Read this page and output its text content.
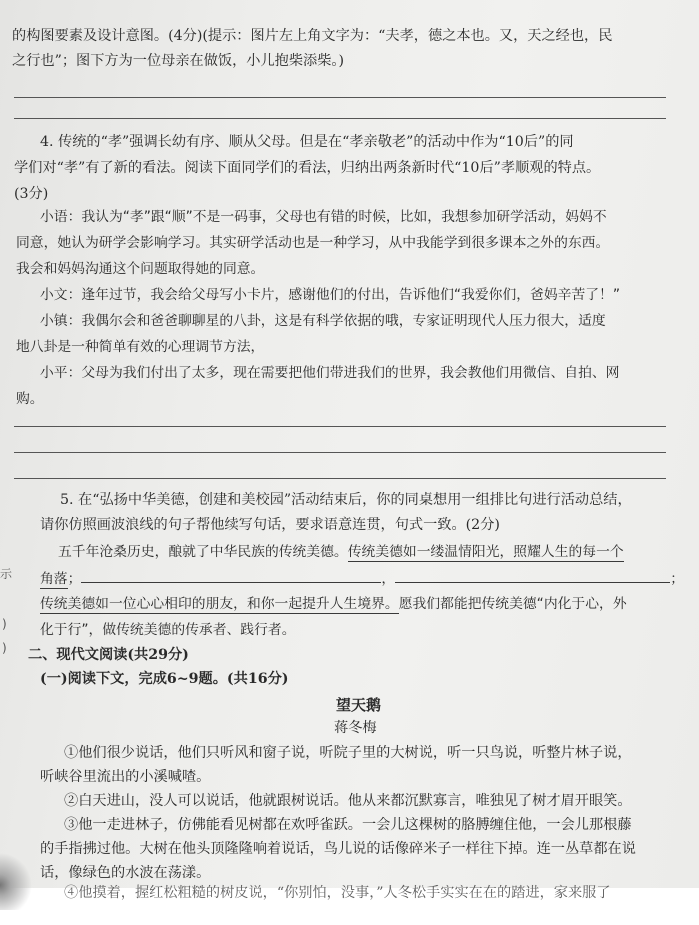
的构图要素及设计意图。(4分)(提示：图片左上角文字为：“夫孝，德之本也。又，天之经也，民
之行也”；图下方为一位母亲在做饭，小儿抱柴添柴。)
4. 传统的“孝”强调长幼有序、顺从父母。但是在“孝亲敬老”的活动中作为“10后”的同
学们对“孝”有了新的看法。阅读下面同学们的看法，归纳出两条新时代“10后”孝顺观的特点。
(3分)
小语：我认为“孝”跟“顺”不是一码事，父母也有错的时候，比如，我想参加研学活动，妈妈不
同意，她认为研学会影响学习。其实研学活动也是一种学习，从中我能学到很多课本之外的东西。
我会和妈妈沟通这个问题取得她的同意。
小文：逢年过节，我会给父母写小卡片，感谢他们的付出，告诉他们“我爱你们，爸妈辛苦了！”
小镇：我偶尔会和爸爸聊聊星的八卦，这是有科学依据的哦，专家证明现代人压力很大，适度
地八卦是一种简单有效的心理调节方法，
小平：父母为我们付出了太多，现在需要把他们带进我们的世界，我会教他们用微信、自拍、网
购。
5. 在“弘扬中华美德，创建和美校园”活动结束后，你的同桌想用一组排比句进行活动总结，
请你仿照画波浪线的句子帮他续写句话，要求语意连贯，句式一致。(2分)
五千年沧桑历史，酿就了中华民族的传统美德。传统美德如一缕温情阳光，照耀人生的每一个
角落；	，	；
传统美德如一位心心相印的朋友，和你一起提升人生境界。愿我们都能把传统美德“内化于心，外
化于行”，做传统美德的传承者、践行者。
二、现代文阅读(共29分)
(一)阅读下文，完成6~9题。(共16分)
望天鹅
蒋冬梅
①他们很少说话，他们只听风和窗子说，听院子里的大树说，听一只鸟说，听整片林子说，
听峡谷里流出的小溪喊喳。
②白天进山，没人可以说话，他就跟树说话。他从来都沉默寡言，唯独见了树才眉开眼笑。
③他一走进林子，仿佛能看见树都在欢呼雀跃。一会儿这棵树的胳膊缠住他，一会儿那根藤
的手指拂过他。大树在他头顶隆隆响着说话，鸟儿说的话像碎米子一样往下掉。连一丛草都在说
话，像绿色的水波在荡漾。
④他摸着，握红松粗糙的树皮说，“你别怕，没事，”人冬松手实实在在的踏进，家来服了
示
)
)
